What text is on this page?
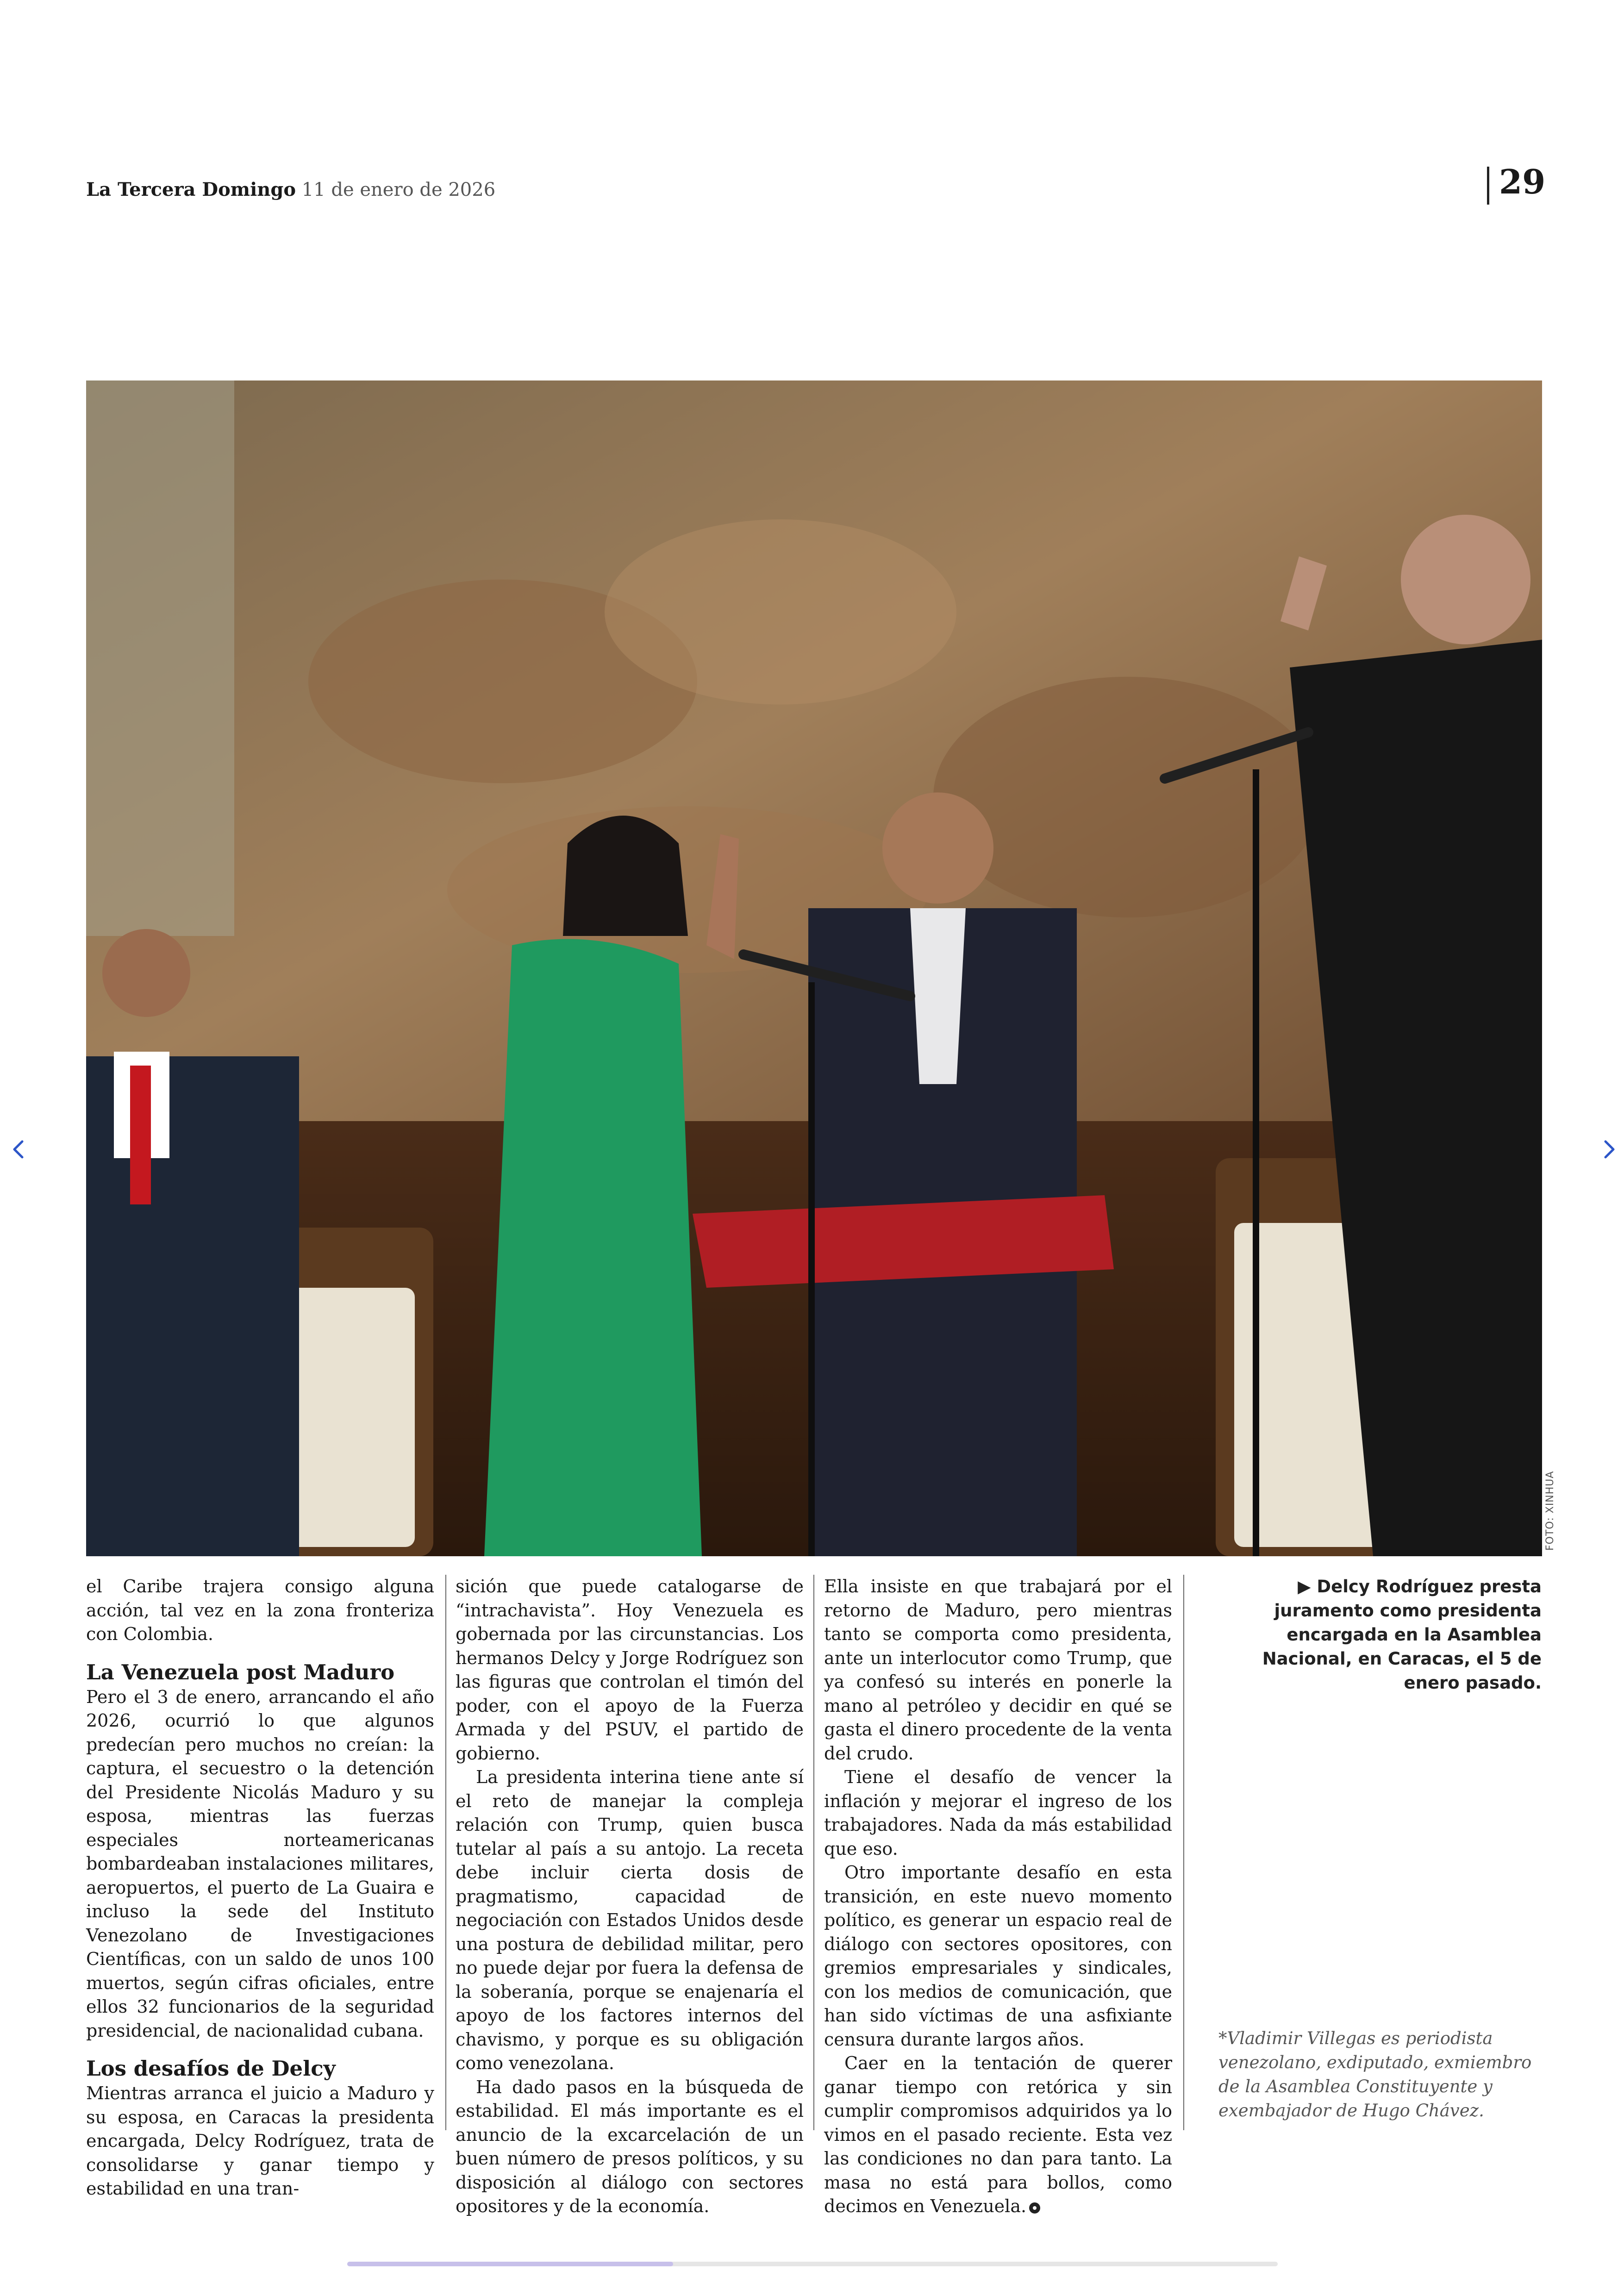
La Tercera Domingo 11 de enero de 2026	29
FOTO: XINHUA

el Caribe trajera consigo alguna acción, tal vez en la zona fronteriza con Colombia.

La Venezuela post Maduro

Pero el 3 de enero, arrancando el año 2026, ocurrió lo que algunos predecían pero muchos no creían: la captura, el secuestro o la detención del Presidente Nicolás Maduro y su esposa, mientras las fuerzas especiales norteamericanas bombardeaban instalaciones militares, aeropuertos, el puerto de La Guaira e incluso la sede del Instituto Venezolano de Investigaciones Científicas, con un saldo de unos 100 muertos, según cifras oficiales, entre ellos 32 funcionarios de la seguridad presidencial, de nacionalidad cubana.

Los desafíos de Delcy

Mientras arranca el juicio a Maduro y su esposa, en Caracas la presidenta encargada, Delcy Rodríguez, trata de consolidarse y ganar tiempo y estabilidad en una tran-

sición que puede catalogarse de “intrachavista”. Hoy Venezuela es gobernada por las circunstancias. Los hermanos Delcy y Jorge Rodríguez son las figuras que controlan el timón del poder, con el apoyo de la Fuerza Armada y del PSUV, el partido de gobierno.

La presidenta interina tiene ante sí el reto de manejar la compleja relación con Trump, quien busca tutelar al país a su antojo. La receta debe incluir cierta dosis de pragmatismo, capacidad de negociación con Estados Unidos desde una postura de debilidad militar, pero no puede dejar por fuera la defensa de la soberanía, porque se enajenaría el apoyo de los factores internos del chavismo, y porque es su obligación como venezolana.

Ha dado pasos en la búsqueda de estabilidad. El más importante es el anuncio de la excarcelación de un buen número de presos políticos, y su disposición al diálogo con sectores opositores y de la economía.

Ella insiste en que trabajará por el retorno de Maduro, pero mientras tanto se comporta como presidenta, ante un interlocutor como Trump, que ya confesó su interés en ponerle la mano al petróleo y decidir en qué se gasta el dinero procedente de la venta del crudo.

Tiene el desafío de vencer la inflación y mejorar el ingreso de los trabajadores. Nada da más estabilidad que eso.

Otro importante desafío en esta transición, en este nuevo momento político, es generar un espacio real de diálogo con sectores opositores, con gremios empresariales y sindicales, con los medios de comunicación, que han sido víctimas de una asfixiante censura durante largos años.

Caer en la tentación de querer ganar tiempo con retórica y sin cumplir compromisos adquiridos ya lo vimos en el pasado reciente. Esta vez las condiciones no dan para tanto. La masa no está para bollos, como decimos en Venezuela.

▶ Delcy Rodríguez presta juramento como presidenta encargada en la Asamblea Nacional, en Caracas, el 5 de enero pasado.
*Vladimir Villegas es periodista venezolano, exdiputado, exmiembro de la Asamblea Constituyente y exembajador de Hugo Chávez.
